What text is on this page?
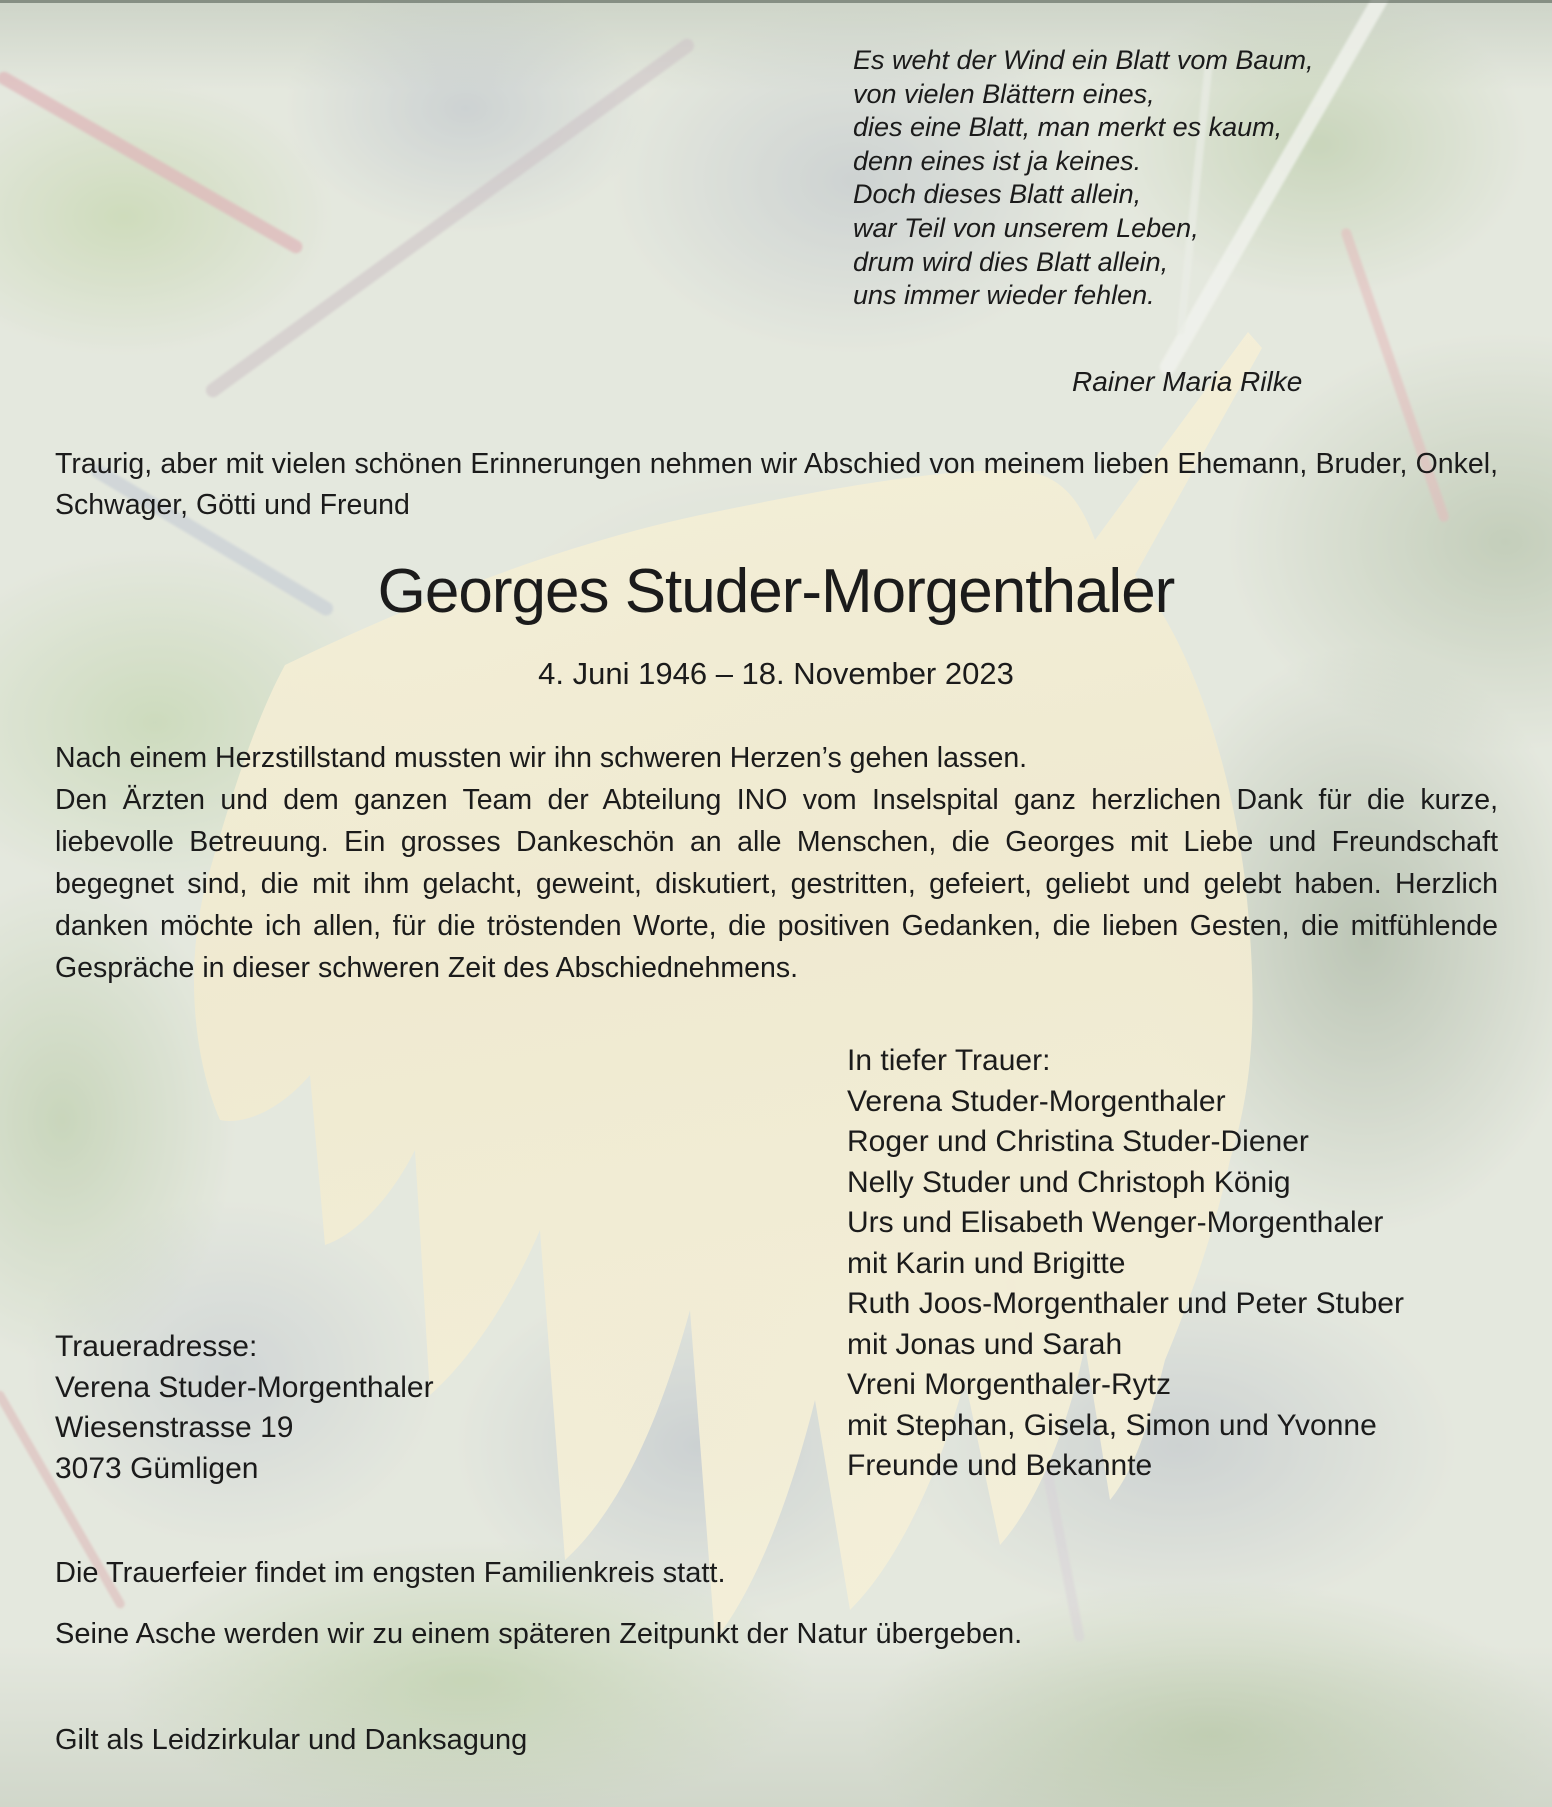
Es weht der Wind ein Blatt vom Baum,
von vielen Blättern eines,
dies eine Blatt, man merkt es kaum,
denn eines ist ja keines.
Doch dieses Blatt allein,
war Teil von unserem Leben,
drum wird dies Blatt allein,
uns immer wieder fehlen.
Rainer Maria Rilke
Traurig, aber mit vielen schönen Erinnerungen nehmen wir Abschied von meinem lieben Ehemann, Bruder, Onkel, Schwager, Götti und Freund
Georges Studer-Morgenthaler
4. Juni 1946 – 18. November 2023
Nach einem Herzstillstand mussten wir ihn schweren Herzen’s gehen lassen.
Den Ärzten und dem ganzen Team der Abteilung INO vom Inselspital ganz herzlichen Dank für die kurze, liebevolle Betreuung. Ein grosses Dankeschön an alle Menschen, die Georges mit Liebe und Freundschaft begegnet sind, die mit ihm gelacht, geweint, diskutiert, gestritten, gefeiert, geliebt und gelebt haben. Herzlich danken möchte ich allen, für die tröstenden Worte, die positiven Gedanken, die lieben Gesten, die mitfühlende Gespräche in dieser schweren Zeit des Abschiednehmens.
In tiefer Trauer:
Verena Studer-Morgenthaler
Roger und Christina Studer-Diener
Nelly Studer und Christoph König
Urs und Elisabeth Wenger-Morgenthaler
mit Karin und Brigitte
Ruth Joos-Morgenthaler und Peter Stuber
mit Jonas und Sarah
Vreni Morgenthaler-Rytz
mit Stephan, Gisela, Simon und Yvonne
Freunde und Bekannte
Traueradresse:
Verena Studer-Morgenthaler
Wiesenstrasse 19
3073 Gümligen
Die Trauerfeier findet im engsten Familienkreis statt.
Seine Asche werden wir zu einem späteren Zeitpunkt der Natur übergeben.
Gilt als Leidzirkular und Danksagung
